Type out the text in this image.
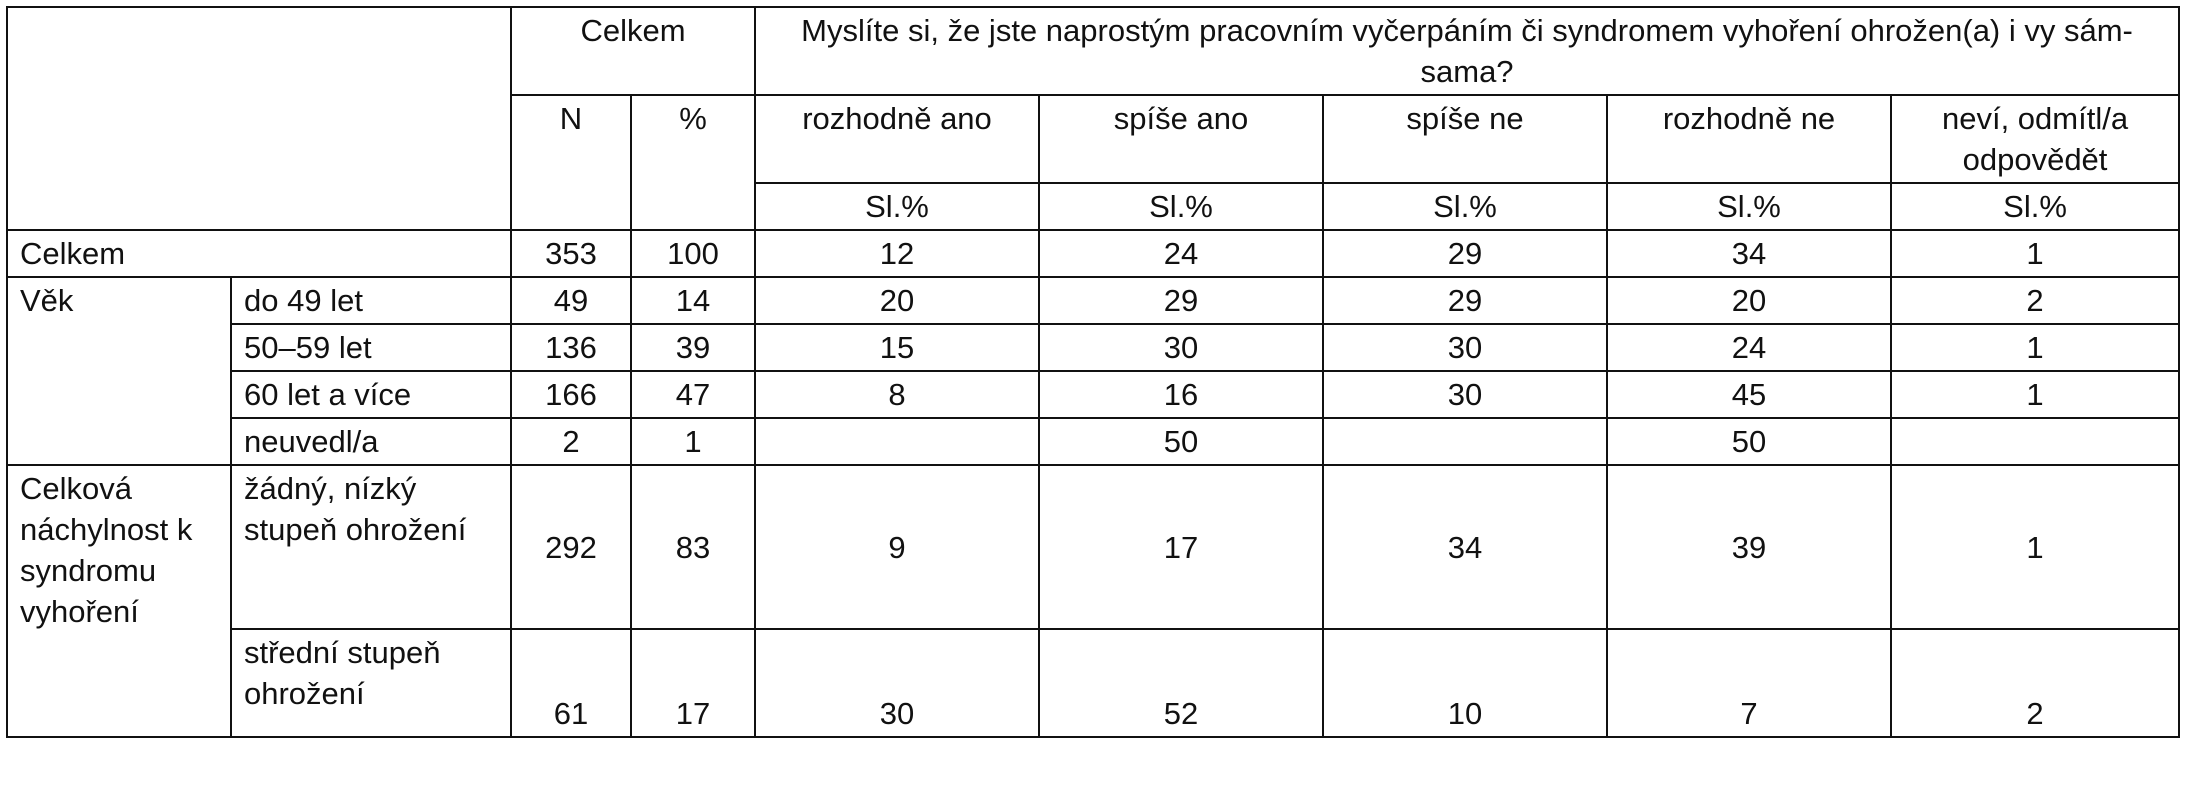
		Celkem		Myslíte si, že jste naprostým pracovním vyčerpáním či syndromem vyhoření ohrožen(a) i vy sám-sama?				
		N	%	rozhodně ano	spíše ano	spíše ne	rozhodně ne	neví, odmítl/a odpovědět
				Sl.%	Sl.%	Sl.%	Sl.%	Sl.%
Celkem		353	100	12	24	29	34	1
Věk	do 49 let	49	14	20	29	29	20	2
	50–59 let	136	39	15	30	30	24	1
	60 let a více	166	47	8	16	30	45	1
	neuvedl/a	2	1		50		50	
Celková náchylnost k syndromu vyhoření	žádný, nízký stupeň ohrožení	292	83	9	17	34	39	1
	střední stupeň ohrožení	61	17	30	52	10	7	2
